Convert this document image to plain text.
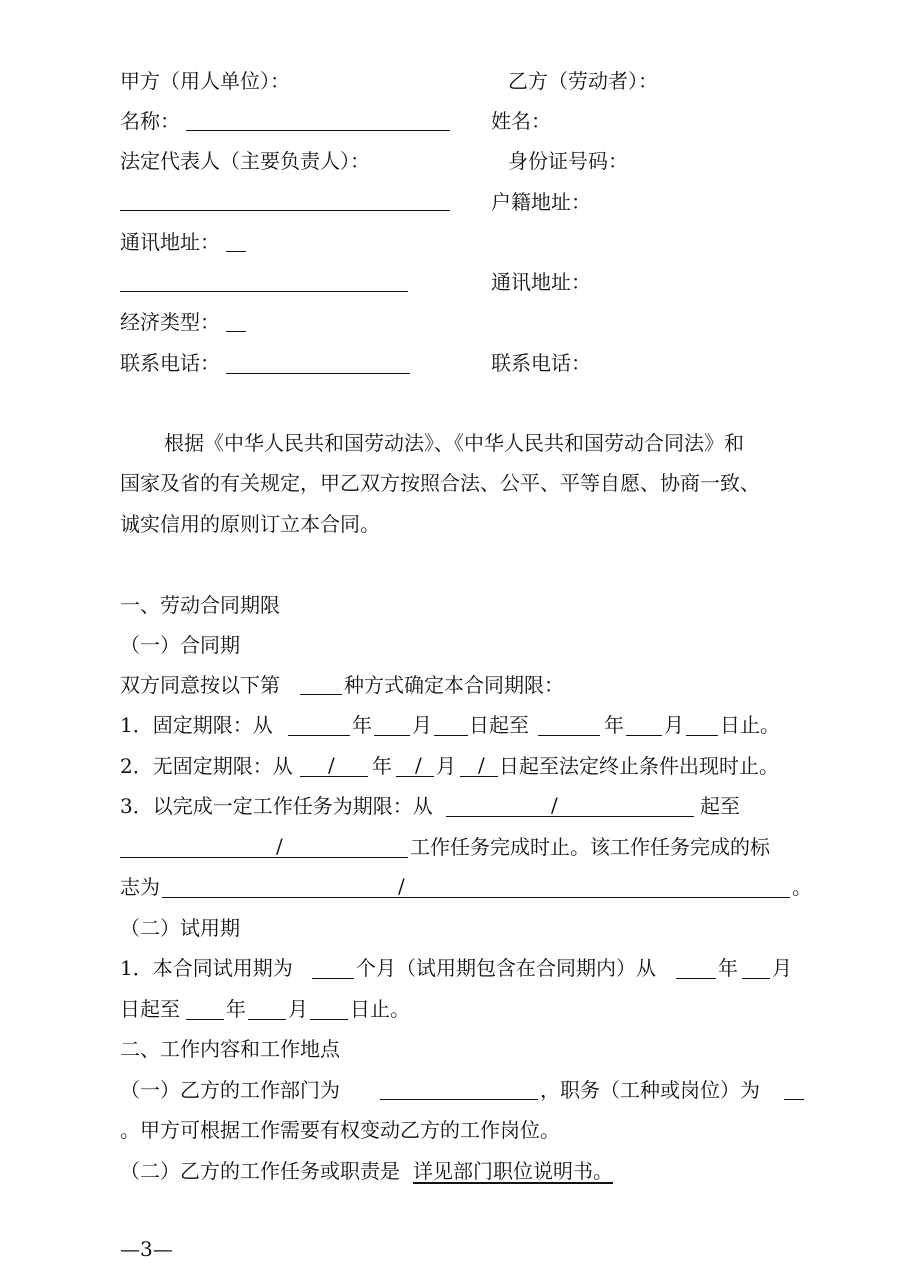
甲方（用人单位）：
名称：
法定代表人（主要负责人）：
通讯地址：
经济类型：
联系电话：
乙方（劳动者）：
姓名：
身份证号码：
户籍地址：
通讯地址：
联系电话：
根据《中华人民共和国劳动法》、《中华人民共和国劳动合同法》和
国家及省的有关规定，甲乙双方按照合法、公平、平等自愿、协商一致、
诚实信用的原则订立本合同。
一、劳动合同期限
（一）合同期
双方同意按以下第	种方式确定本合同期限：
1．固定期限：从	年 月 日起至	年 月 日止。
2．无固定期限：从 / 年 / 月 / 日起至法定终止条件出现时止。
3．以完成一定工作任务为期限：从	/	起至
/	工作任务完成时止。该工作任务完成的标
志为	/	。
（二）试用期
1．本合同试用期为	个月（试用期包含在合同期内）从	年 月
日起至 年 月 日止。
二、工作内容和工作地点
（一）乙方的工作部门为	，职务（工种或岗位）为
。甲方可根据工作需要有权变动乙方的工作岗位。
（二）乙方的工作任务或职责是 详见部门职位说明书。
—3—
